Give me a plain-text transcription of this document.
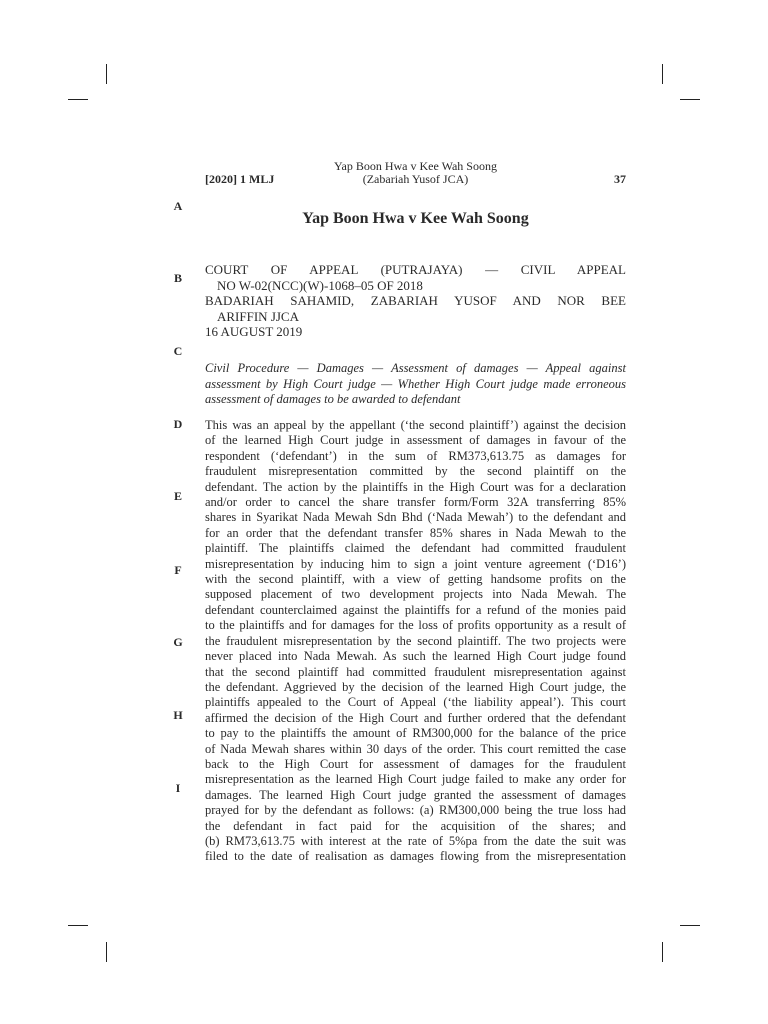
[2020] 1 MLJ
Yap Boon Hwa v Kee Wah Soong
(Zabariah Yusof JCA)	37
A
B
C
D
E
F
G
H
I
Yap Boon Hwa v Kee Wah Soong
COURT OF APPEAL (PUTRAJAYA) — CIVIL APPEAL
NO W-02(NCC)(W)-1068–05 OF 2018
BADARIAH SAHAMID, ZABARIAH YUSOF AND NOR BEE
ARIFFIN JJCA
16 AUGUST 2019
Civil Procedure — Damages — Assessment of damages — Appeal against
assessment by High Court judge — Whether High Court judge made erroneous
assessment of damages to be awarded to defendant
This was an appeal by the appellant (‘the second plaintiff’) against the decision
of the learned High Court judge in assessment of damages in favour of the
respondent (‘defendant’) in the sum of RM373,613.75 as damages for
fraudulent misrepresentation committed by the second plaintiff on the
defendant. The action by the plaintiffs in the High Court was for a declaration
and/or order to cancel the share transfer form/Form 32A transferring 85%
shares in Syarikat Nada Mewah Sdn Bhd (‘Nada Mewah’) to the defendant and
for an order that the defendant transfer 85% shares in Nada Mewah to the
plaintiff. The plaintiffs claimed the defendant had committed fraudulent
misrepresentation by inducing him to sign a joint venture agreement (‘D16’)
with the second plaintiff, with a view of getting handsome profits on the
supposed placement of two development projects into Nada Mewah. The
defendant counterclaimed against the plaintiffs for a refund of the monies paid
to the plaintiffs and for damages for the loss of profits opportunity as a result of
the fraudulent misrepresentation by the second plaintiff. The two projects were
never placed into Nada Mewah. As such the learned High Court judge found
that the second plaintiff had committed fraudulent misrepresentation against
the defendant. Aggrieved by the decision of the learned High Court judge, the
plaintiffs appealed to the Court of Appeal (‘the liability appeal’). This court
affirmed the decision of the High Court and further ordered that the defendant
to pay to the plaintiffs the amount of RM300,000 for the balance of the price
of Nada Mewah shares within 30 days of the order. This court remitted the case
back to the High Court for assessment of damages for the fraudulent
misrepresentation as the learned High Court judge failed to make any order for
damages. The learned High Court judge granted the assessment of damages
prayed for by the defendant as follows: (a) RM300,000 being the true loss had
the defendant in fact paid for the acquisition of the shares; and
(b) RM73,613.75 with interest at the rate of 5%pa from the date the suit was
filed to the date of realisation as damages flowing from the misrepresentation
